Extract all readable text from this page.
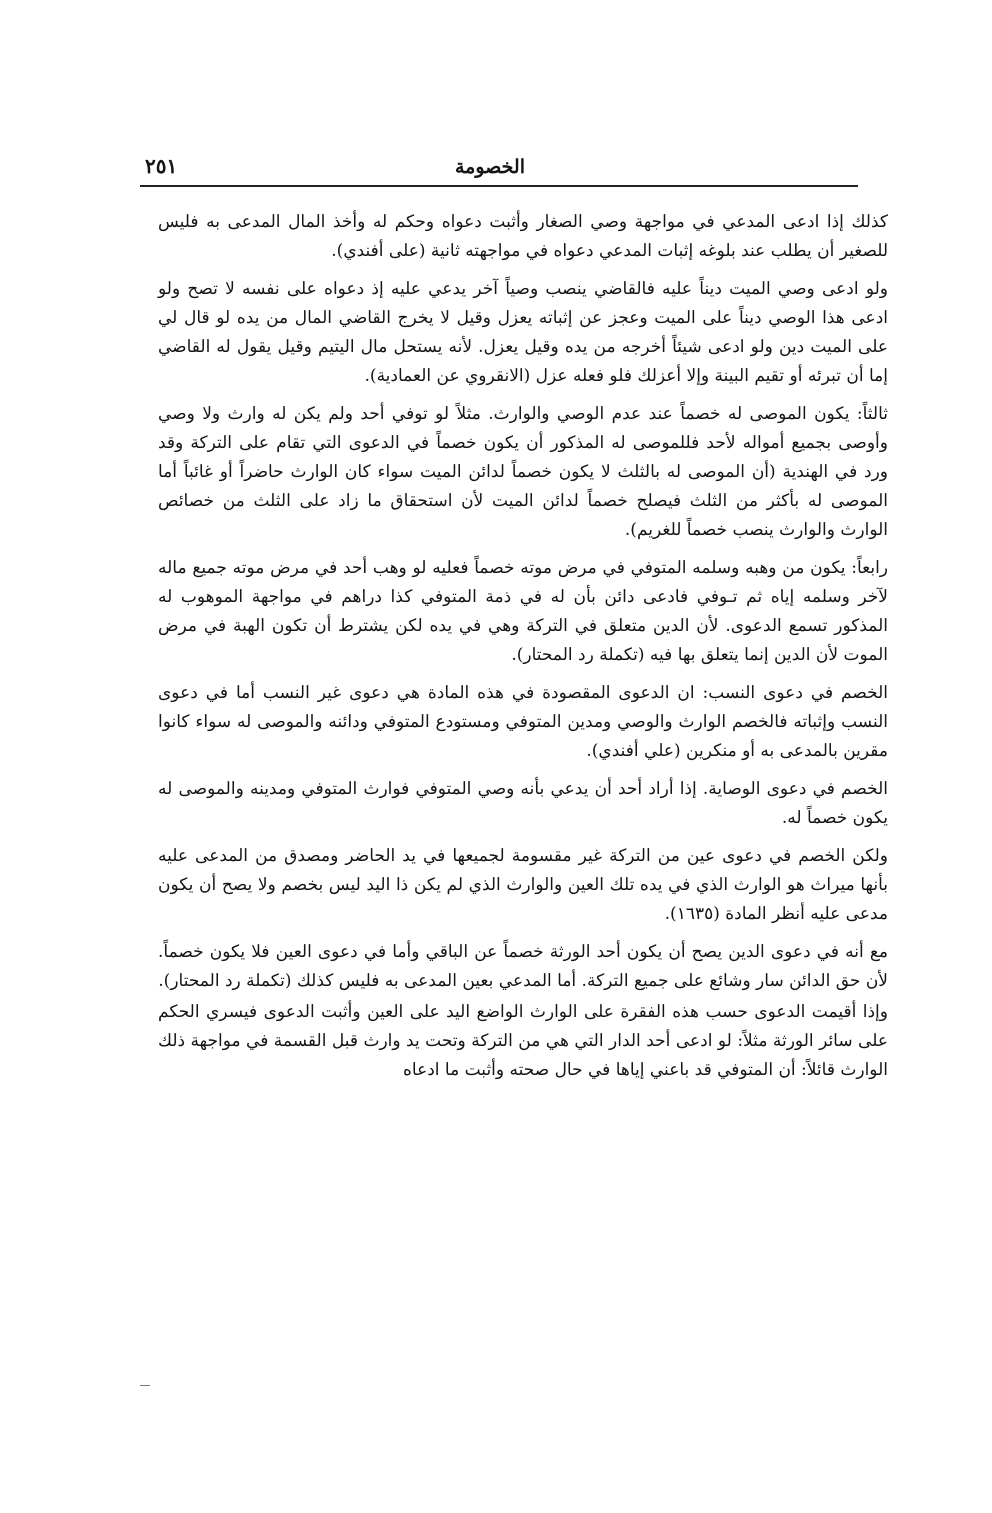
الخصومة
٢٥١

كذلك إذا ادعى المدعي في مواجهة وصي الصغار وأثبت دعواه وحكم له وأخذ المال المدعى به فليس للصغير أن يطلب عند بلوغه إثبات المدعي دعواه في مواجهته ثانية (على أفندي).

ولو ادعى وصي الميت ديناً عليه فالقاضي ينصب وصياً آخر يدعي عليه إذ دعواه على نفسه لا تصح ولو ادعى هذا الوصي ديناً على الميت وعجز عن إثباته يعزل وقيل لا يخرج القاضي المال من يده لو قال لي على الميت دين ولو ادعى شيئاً أخرجه من يده وقيل يعزل. لأنه يستحل مال اليتيم وقيل يقول له القاضي إما أن تبرئه أو تقيم البينة وإلا أعزلك فلو فعله عزل (الانقروي عن العمادية).

ثالثاً: يكون الموصى له خصماً عند عدم الوصي والوارث. مثلاً لو توفي أحد ولم يكن له وارث ولا وصي وأوصى بجميع أمواله لأحد فللموصى له المذكور أن يكون خصماً في الدعوى التي تقام على التركة وقد ورد في الهندية (أن الموصى له بالثلث لا يكون خصماً لدائن الميت سواء كان الوارث حاضراً أو غائباً أما الموصى له بأكثر من الثلث فيصلح خصماً لدائن الميت لأن استحقاق ما زاد على الثلث من خصائص الوارث والوارث ينصب خصماً للغريم).

رابعاً: يكون من وهبه وسلمه المتوفي في مرض موته خصماً فعليه لو وهب أحد في مرض موته جميع ماله لآخر وسلمه إياه ثم تـوفي فادعى دائن بأن له في ذمة المتوفي كذا دراهم في مواجهة الموهوب له المذكور تسمع الدعوى. لأن الدين متعلق في التركة وهي في يده لكن يشترط أن تكون الهبة في مرض الموت لأن الدين إنما يتعلق بها فيه (تكملة رد المحتار).

الخصم في دعوى النسب: ان الدعوى المقصودة في هذه المادة هي دعوى غير النسب أما في دعوى النسب وإثباته فالخصم الوارث والوصي ومدين المتوفي ومستودع المتوفي ودائنه والموصى له سواء كانوا مقرين بالمدعى به أو منكرين (علي أفندي).

الخصم في دعوى الوصاية. إذا أراد أحد أن يدعي بأنه وصي المتوفي فوارث المتوفي ومدينه والموصى له يكون خصماً له.

ولكن الخصم في دعوى عين من التركة غير مقسومة لجميعها في يد الحاضر ومصدق من المدعى عليه بأنها ميراث هو الوارث الذي في يده تلك العين والوارث الذي لم يكن ذا اليد ليس بخصم ولا يصح أن يكون مدعى عليه أنظر المادة (١٦٣٥).

مع أنه في دعوى الدين يصح أن يكون أحد الورثة خصماً عن الباقي وأما في دعوى العين فلا يكون خصماً. لأن حق الدائن سار وشائع على جميع التركة. أما المدعي بعين المدعى به فليس كذلك (تكملة رد المحتار).

وإذا أقيمت الدعوى حسب هذه الفقرة على الوارث الواضع اليد على العين وأثبت الدعوى فيسري الحكم على سائر الورثة مثلاً: لو ادعى أحد الدار التي هي من التركة وتحت يد وارث قبل القسمة في مواجهة ذلك الوارث قائلاً: أن المتوفي قد باعني إياها في حال صحته وأثبت ما ادعاه
